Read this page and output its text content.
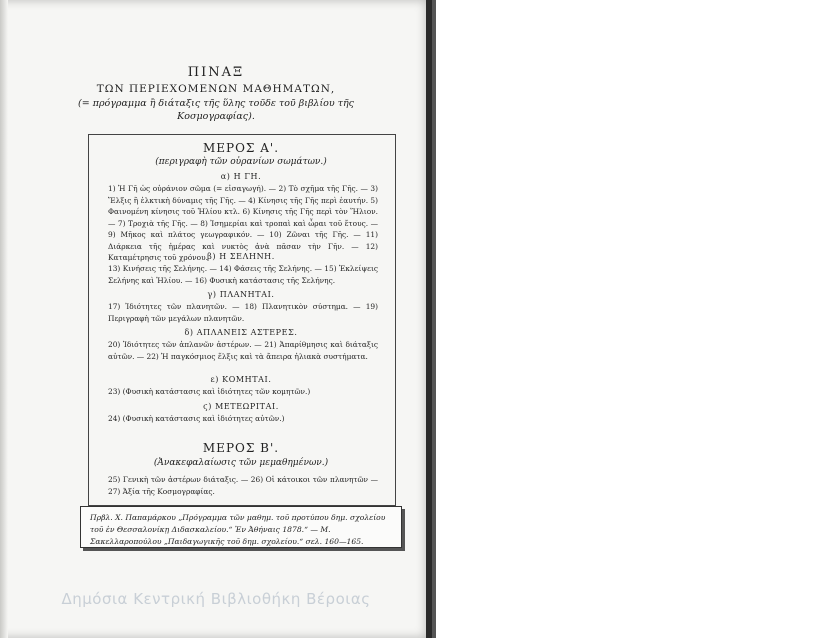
ΠΙΝΑΞ
ΤΩΝ ΠΕΡΙΕΧΟΜΕΝΩΝ ΜΑΘΗΜΑΤΩΝ,
(= πρόγραμμα ἢ διάταξις τῆς ὕλης τοῦδε τοῦ βιβλίου τῆς
Κοσμογραφίας).
ΜΕΡΟΣ Α'.
(περιγραφὴ τῶν οὐρανίων σωμάτων.)
α) Η ΓΗ.
1) Ἡ Γῆ ὡς οὐράνιον σῶμα (= εἰσαγωγή). — 2) Τὸ σχῆμα τῆς Γῆς. — 3) Ἕλξις ἢ ἑλκτικὴ δύναμις τῆς Γῆς. — 4) Κίνησις τῆς Γῆς περὶ ἑαυτήν. 5) Φαινομένη κίνησις τοῦ Ἡλίου κτλ. 6) Κίνησις τῆς Γῆς περὶ τὸν Ἥλιον. — 7) Τροχιὰ τῆς Γῆς. — 8) Ἰσημερίαι καὶ τροπαὶ καὶ ὧραι τοῦ ἔτους. — 9) Μῆκος καὶ πλάτος γεωγραφικόν. — 10) Ζῶναι τῆς Γῆς. — 11) Διάρκεια τῆς ἡμέρας καὶ νυκτὸς ἀνὰ πᾶσαν τὴν Γῆν. — 12) Καταμέτρησις τοῦ χρόνου. β) Η ΣΕΛΗΝΗ.
13) Κινήσεις τῆς Σελήνης. — 14) Φάσεις τῆς Σελήνης. — 15) Ἐκλείψεις Σελήνης καὶ Ἡλίου. — 16) Φυσικὴ κατάστασις τῆς Σελήνης.
γ) ΠΛΑΝΗΤΑΙ.
17) Ἰδιότητες τῶν πλανητῶν. — 18) Πλανητικὸν σύστημα. — 19) Περιγραφὴ τῶν μεγάλων πλανητῶν.
δ) ΑΠΛΑΝΕΙΣ ΑΣΤΕΡΕΣ.
20) Ἰδιότητες τῶν ἀπλανῶν ἀστέρων. — 21) Ἀπαρίθμησις καὶ διάταξις αὐτῶν. — 22) Ἡ παγκόσμιος ἕλξις καὶ τὰ ἄπειρα ἡλιακὰ συστήματα.
ε) ΚΟΜΗΤΑΙ.
23) (Φυσικὴ κατάστασις καὶ ἰδιότητες τῶν κομητῶν.)
ϛ) ΜΕΤΕΩΡΙΤΑΙ.
24) (Φυσικὴ κατάστασις καὶ ἰδιότητες αὐτῶν.)
ΜΕΡΟΣ Β'.
(Ἀνακεφαλαίωσις τῶν μεμαθημένων.)
25) Γενικὴ τῶν ἀστέρων διάταξις. — 26) Οἱ κάτοικοι τῶν πλανητῶν — 27) Ἀξία τῆς Κοσμογραφίας.
Πρβλ. Χ. Παπαμάρκου „Πρόγραμμα τῶν μαθημ. τοῦ προτύπου δημ. σχολείου τοῦ ἐν Θεσσαλονίκῃ Διδασκαλείου.“ Ἐν Ἀθήναις 1878.“ — Μ. Σακελλαροπούλου „Παιδαγωγικῆς τοῦ δημ. σχολείου.“ σελ. 160—165.
Δημόσια Κεντρική Βιβλιοθήκη Βέροιας
